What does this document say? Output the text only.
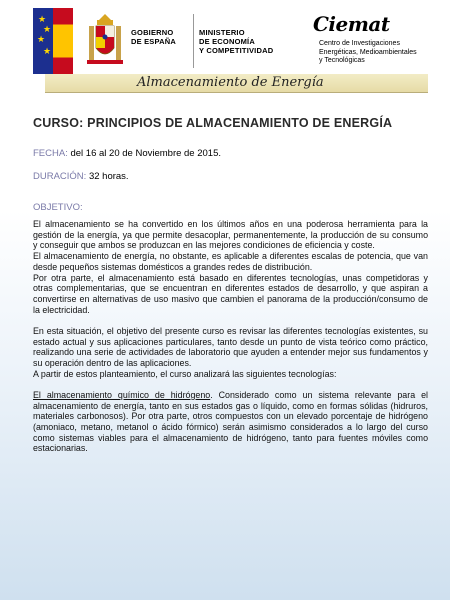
★
★
★
★
GOBIERNO
DE ESPAÑA
MINISTERIO
DE ECONOMÍA
Y COMPETITIVIDAD
Ciemat
Centro de Investigaciones
Energéticas, Medioambientales
y Tecnológicas
Almacenamiento de Energía
CURSO: PRINCIPIOS DE ALMACENAMIENTO DE ENERGÍA
FECHA: del 16 al 20 de Noviembre de 2015.
DURACIÓN: 32 horas.
OBJETIVO:

El almacenamiento se ha convertido en los últimos años en una poderosa herramienta para la gestión de la energía, ya que permite desacoplar, permanentemente, la producción de su consumo y conseguir que ambos se produzcan en las mejores condiciones de eficiencia y coste.

El almacenamiento de energía, no obstante, es aplicable a diferentes escalas de potencia, que van desde pequeños sistemas domésticos a grandes redes de distribución.

Por otra parte, el almacenamiento está basado en diferentes tecnologías, unas competidoras y otras complementarias, que se encuentran en diferentes estados de desarrollo, y que aspiran a convertirse en alternativas de uso masivo que cambien el panorama de la producción/consumo de la electricidad.

En esta situación, el objetivo del presente curso es revisar las diferentes tecnologías existentes, su estado actual y sus aplicaciones particulares, tanto desde un punto de vista teórico como práctico, realizando una serie de actividades de laboratorio que ayuden a entender mejor sus fundamentos y su operación dentro de las aplicaciones.

A partir de estos planteamiento, el curso analizará las siguientes tecnologías:

El almacenamiento químico de hidrógeno. Considerado como un sistema relevante para el almacenamiento de energía, tanto en sus estados gas o líquido, como en formas sólidas (hidruros, materiales carbonosos). Por otra parte, otros compuestos con un elevado porcentaje de hidrógeno (amoniaco, metano, metanol o ácido fórmico) serán asimismo considerados a lo largo del curso como sistemas viables para el almacenamiento de hidrógeno, tanto para fuentes móviles como estacionarias.
